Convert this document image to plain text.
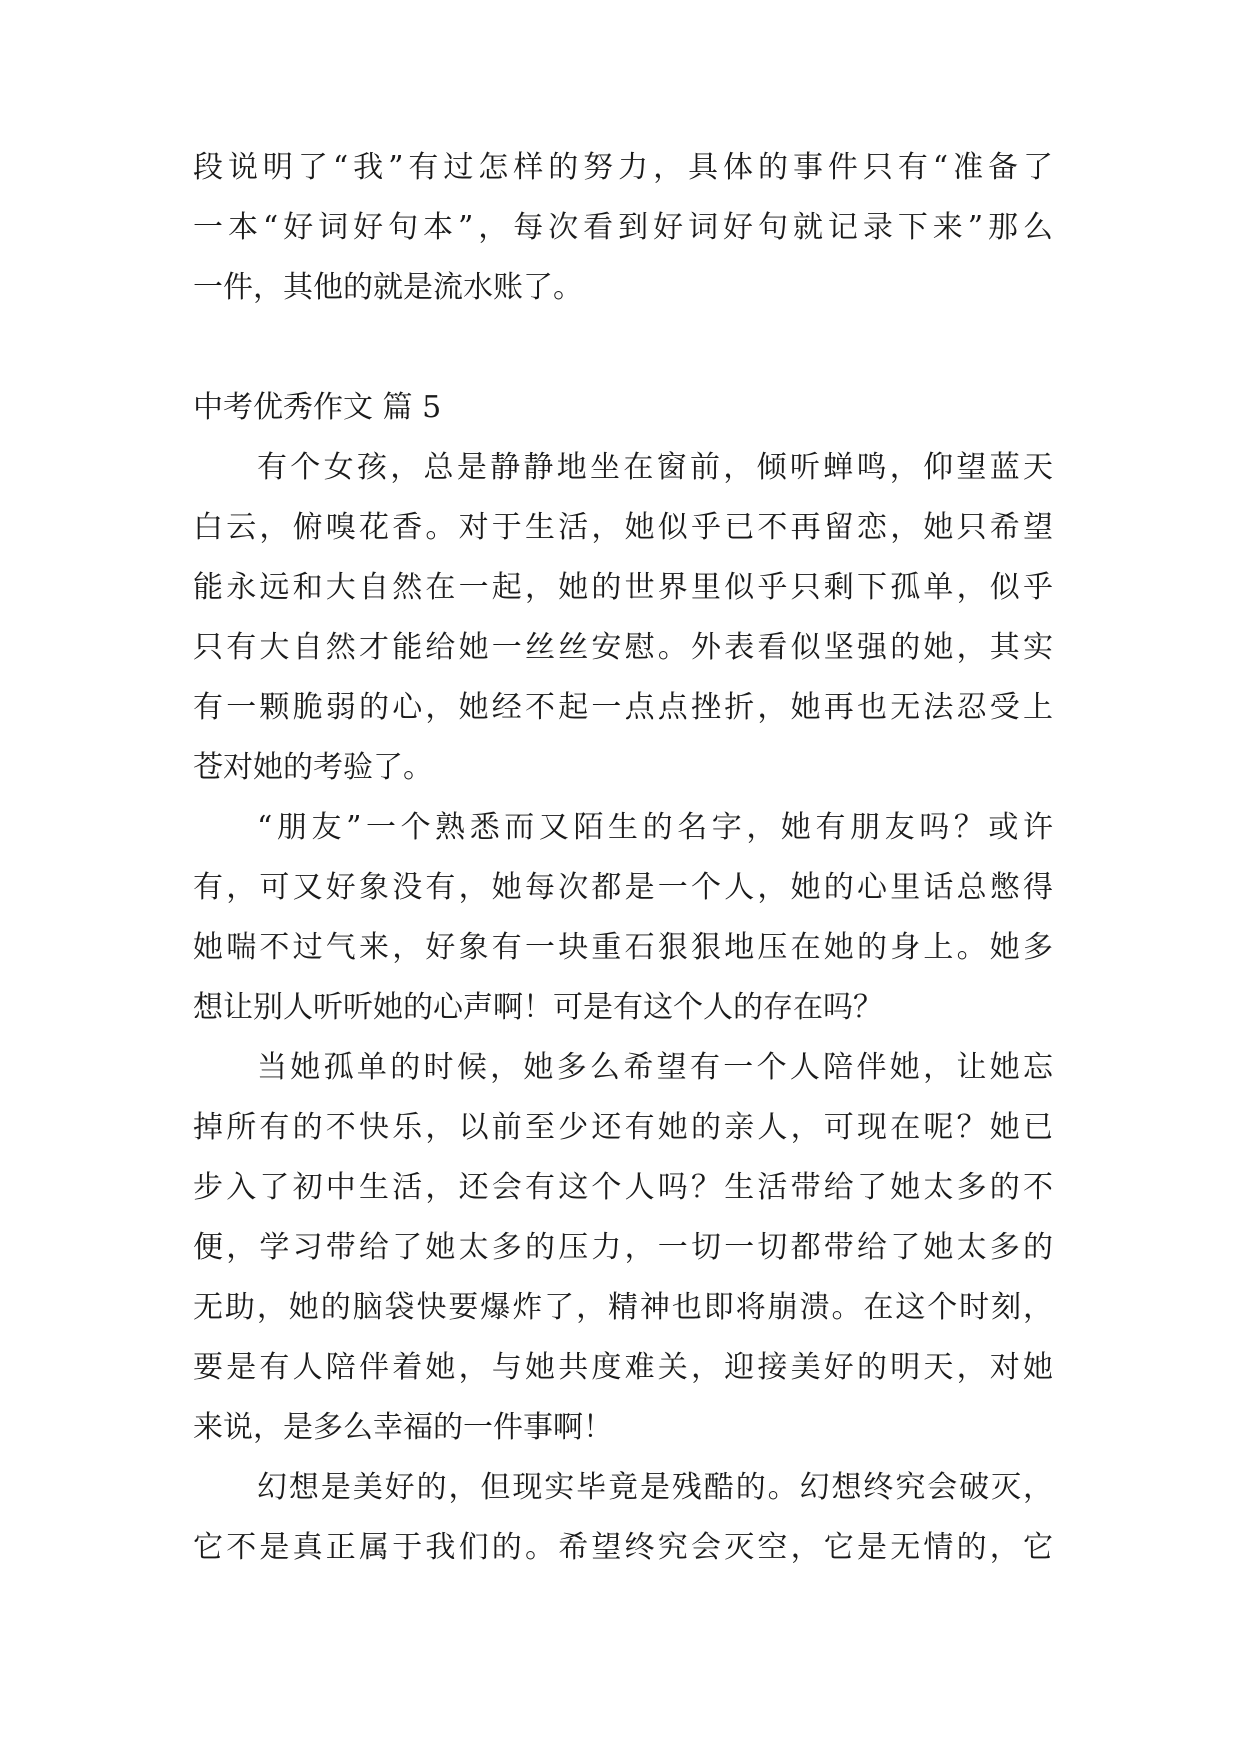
段说明了“我”有过怎样的努力，具体的事件只有“准备了
一本“好词好句本”，每次看到好词好句就记录下来”那么
一件，其他的就是流水账了。
中考优秀作文 篇 5
有个女孩，总是静静地坐在窗前，倾听蝉鸣，仰望蓝天
白云，俯嗅花香。对于生活，她似乎已不再留恋，她只希望
能永远和大自然在一起，她的世界里似乎只剩下孤单，似乎
只有大自然才能给她一丝丝安慰。外表看似坚强的她，其实
有一颗脆弱的心，她经不起一点点挫折，她再也无法忍受上
苍对她的考验了。
“朋友”一个熟悉而又陌生的名字，她有朋友吗？或许
有，可又好象没有，她每次都是一个人，她的心里话总憋得
她喘不过气来，好象有一块重石狠狠地压在她的身上。她多
想让别人听听她的心声啊！可是有这个人的存在吗？
当她孤单的时候，她多么希望有一个人陪伴她，让她忘
掉所有的不快乐，以前至少还有她的亲人，可现在呢？她已
步入了初中生活，还会有这个人吗？生活带给了她太多的不
便，学习带给了她太多的压力，一切一切都带给了她太多的
无助，她的脑袋快要爆炸了，精神也即将崩溃。在这个时刻，
要是有人陪伴着她，与她共度难关，迎接美好的明天，对她
来说，是多么幸福的一件事啊！
幻想是美好的，但现实毕竟是残酷的。幻想终究会破灭，
它不是真正属于我们的。希望终究会灭空，它是无情的，它
